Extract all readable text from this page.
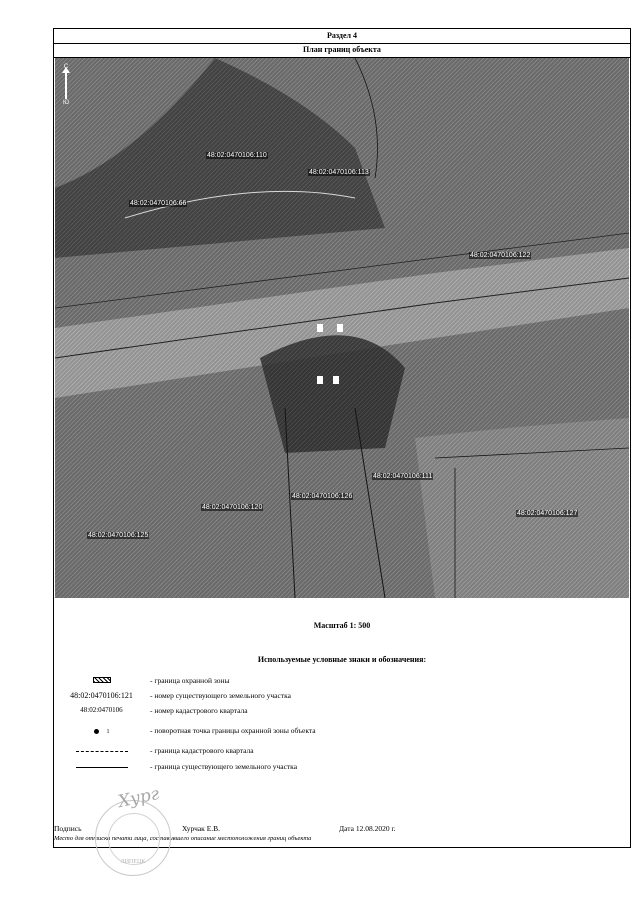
Раздел 4
План границ объекта
С
Ю
48:02:0470106:110
48:02:0470106:113
48:02:0470106:66
48:02:0470106:122
48:02:0470106:111
48:02:0470106:126
48:02:0470106:120
48:02:0470106:127
48:02:0470106:125
Масштаб 1: 500
Используемые условные знаки и обозначения:
- граница охранной зоны
48:02:0470106:121	- номер существующего земельного участка
48:02:0470106	- номер кадастрового квартала
1	- поворотная точка границы охранной зоны объекта
- граница кадастрового квартала
- граница существующего земельного участка
Подпись	Хурчак Е.В.	Дата 12.08.2020 г.
Место для оттиска печати лица, составившего описание местоположения границ объекта
ЛИПЕЦК
Хург
